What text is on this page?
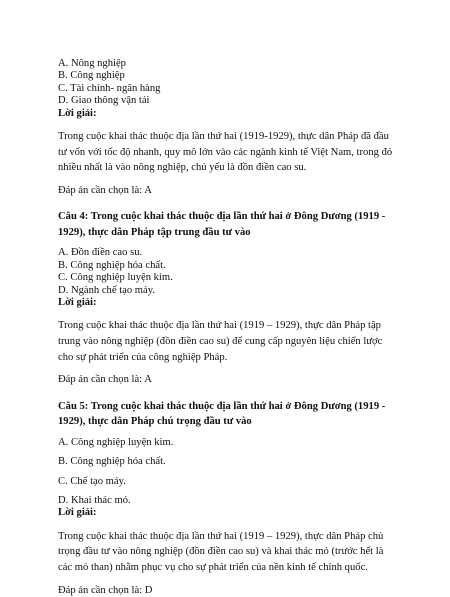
A. Nông nghiệp

B. Công nghiệp

C. Tài chính- ngân hàng

D. Giao thông vận tải

Lời giải:

Trong cuộc khai thác thuộc địa lần thứ hai (1919-1929), thực dân Pháp đã đầu tư vốn với tốc độ nhanh, quy mô lớn vào các ngành kinh tế Việt Nam, trong đó nhiều nhất là vào nông nghiệp, chủ yếu là đồn điền cao su.

Đáp án cần chọn là: A

Câu 4: Trong cuộc khai thác thuộc địa lần thứ hai ở Đông Dương (1919 - 1929), thực dân Pháp tập trung đầu tư vào

A. Đồn điền cao su.

B. Công nghiệp hóa chất.

C. Công nghiệp luyện kim.

D. Ngành chế tạo máy.

Lời giải:

Trong cuộc khai thác thuộc địa lần thứ hai (1919 – 1929), thực dân Pháp tập trung vào nông nghiệp (đồn điền cao su) để cung cấp nguyên liệu chiến lược cho sự phát triển của công nghiệp Pháp.

Đáp án cần chọn là: A

Câu 5: Trong cuộc khai thác thuộc địa lần thứ hai ở Đông Dương (1919 - 1929), thực dân Pháp chú trọng đầu tư vào

A. Công nghiệp luyện kim.

B. Công nghiệp hóa chất.

C. Chế tạo máy.

D. Khai thác mỏ.

Lời giải:

Trong cuộc khai thác thuộc địa lần thứ hai (1919 – 1929), thực dân Pháp chủ trọng đầu tư vào nông nghiệp (đồn điền cao su) và khai thác mỏ (trước hết là các mỏ than) nhằm phục vụ cho sự phát triển của nền kinh tế chính quốc.

Đáp án cần chọn là: D
